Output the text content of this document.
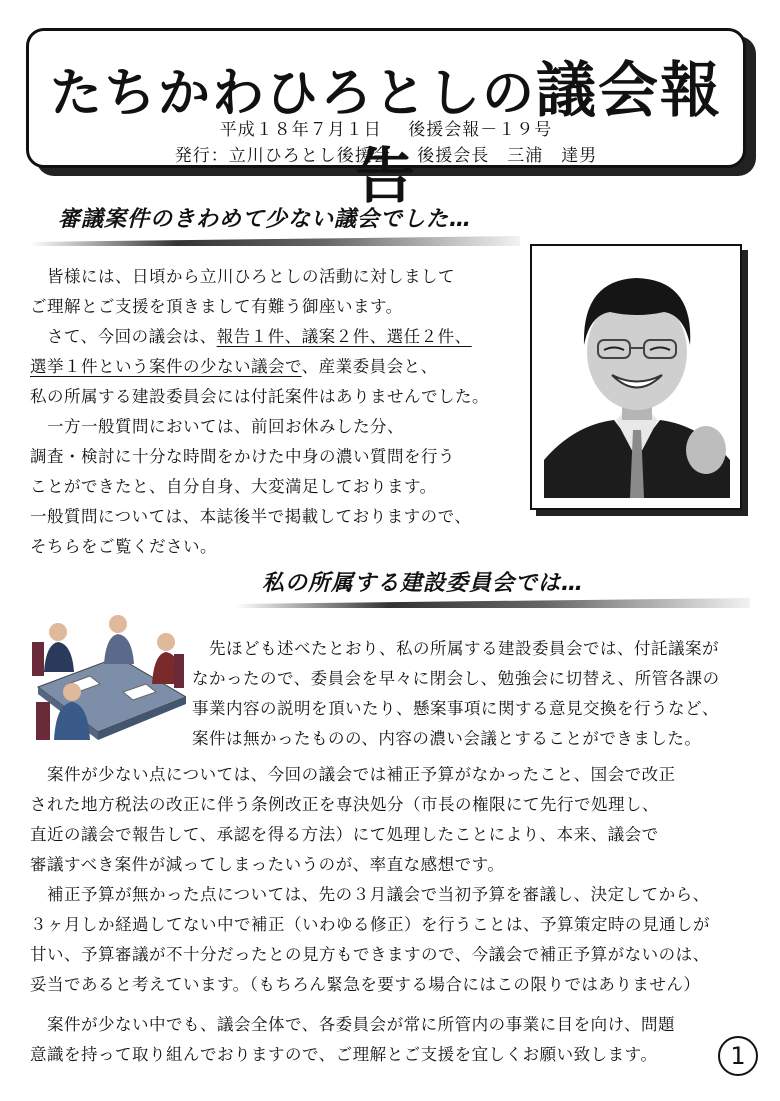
たちかわひろとしの議会報告
平成１８年７月１日 後援会報－１９号
発行：立川ひろとし後援会 後援会長　三浦　達男
審議案件のきわめて少ない議会でした…

　皆様には、日頃から立川ひろとしの活動に対しまして

ご理解とご支援を頂きまして有難う御座います。

　さて、今回の議会は、報告１件、議案２件、選任２件、

選挙１件という案件の少ない議会で、産業委員会と、

私の所属する建設委員会には付託案件はありませんでした。

　一方一般質問においては、前回お休みした分、

調査・検討に十分な時間をかけた中身の濃い質問を行う

ことができたと、自分自身、大変満足しております。

一般質問については、本誌後半で掲載しておりますので、

そちらをご覧ください。

私の所属する建設委員会では…

　先ほども述べたとおり、私の所属する建設委員会では、付託議案が

なかったので、委員会を早々に閉会し、勉強会に切替え、所管各課の

事業内容の説明を頂いたり、懸案事項に関する意見交換を行うなど、

案件は無かったものの、内容の濃い会議とすることができました。

　案件が少ない点については、今回の議会では補正予算がなかったこと、国会で改正

された地方税法の改正に伴う条例改正を専決処分（市長の権限にて先行で処理し、

直近の議会で報告して、承認を得る方法）にて処理したことにより、本来、議会で

審議すべき案件が減ってしまったいうのが、率直な感想です。

　補正予算が無かった点については、先の３月議会で当初予算を審議し、決定してから、

３ヶ月しか経過してない中で補正（いわゆる修正）を行うことは、予算策定時の見通しが

甘い、予算審議が不十分だったとの見方もできますので、今議会で補正予算がないのは、

妥当であると考えています。（もちろん緊急を要する場合にはこの限りではありません）

　案件が少ない中でも、議会全体で、各委員会が常に所管内の事業に目を向け、問題

意識を持って取り組んでおりますので、ご理解とご支援を宜しくお願い致します。	1
